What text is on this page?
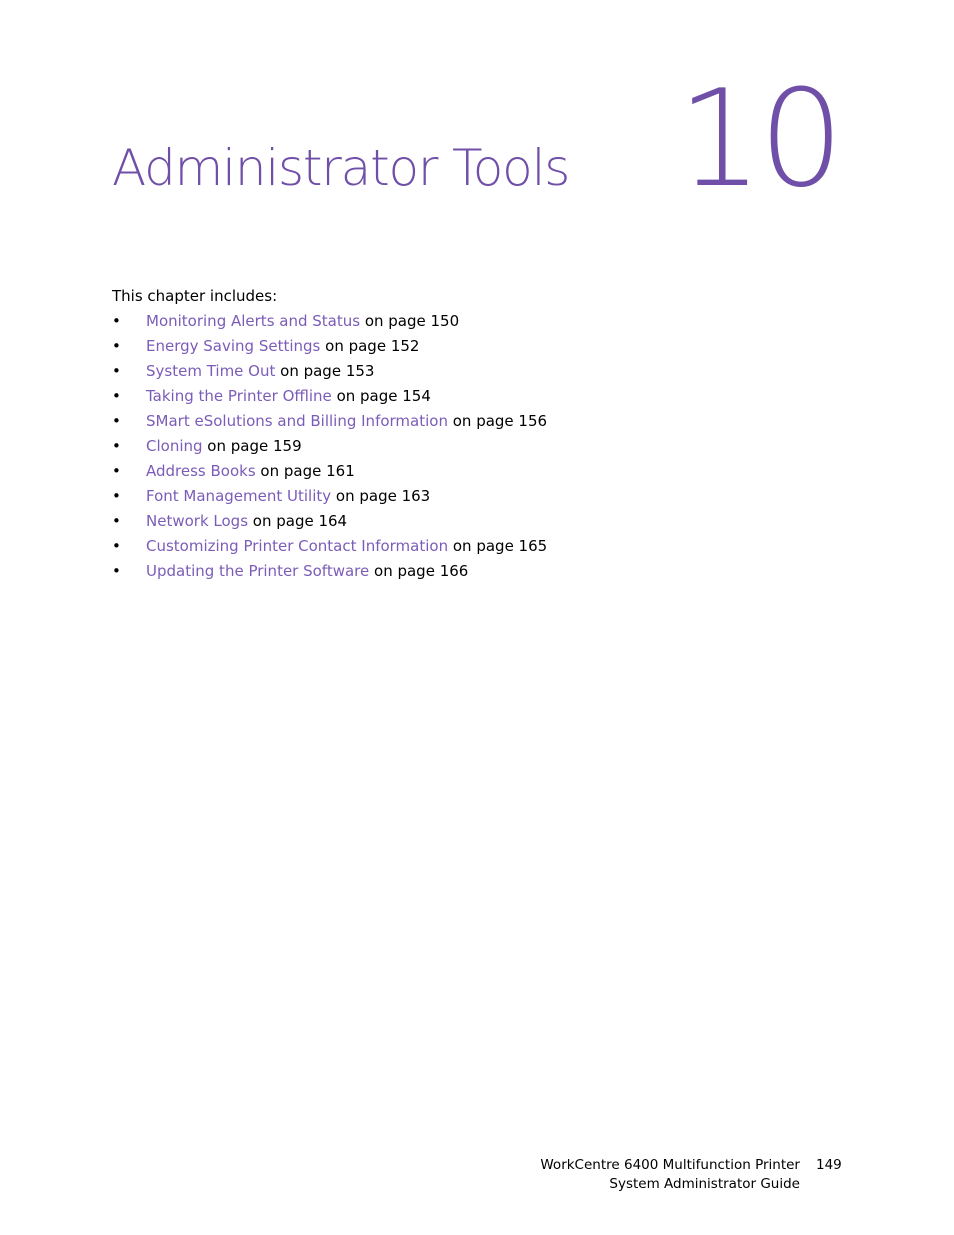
10
Administrator Tools

This chapter includes:

• Monitoring Alerts and Status on page 150
• Energy Saving Settings on page 152
• System Time Out on page 153
• Taking the Printer Offline on page 154
• SMart eSolutions and Billing Information on page 156
• Cloning on page 159
• Address Books on page 161
• Font Management Utility on page 163
• Network Logs on page 164
• Customizing Printer Contact Information on page 165
• Updating the Printer Software on page 166
WorkCentre 6400 Multifunction Printer
System Administrator Guide
149
